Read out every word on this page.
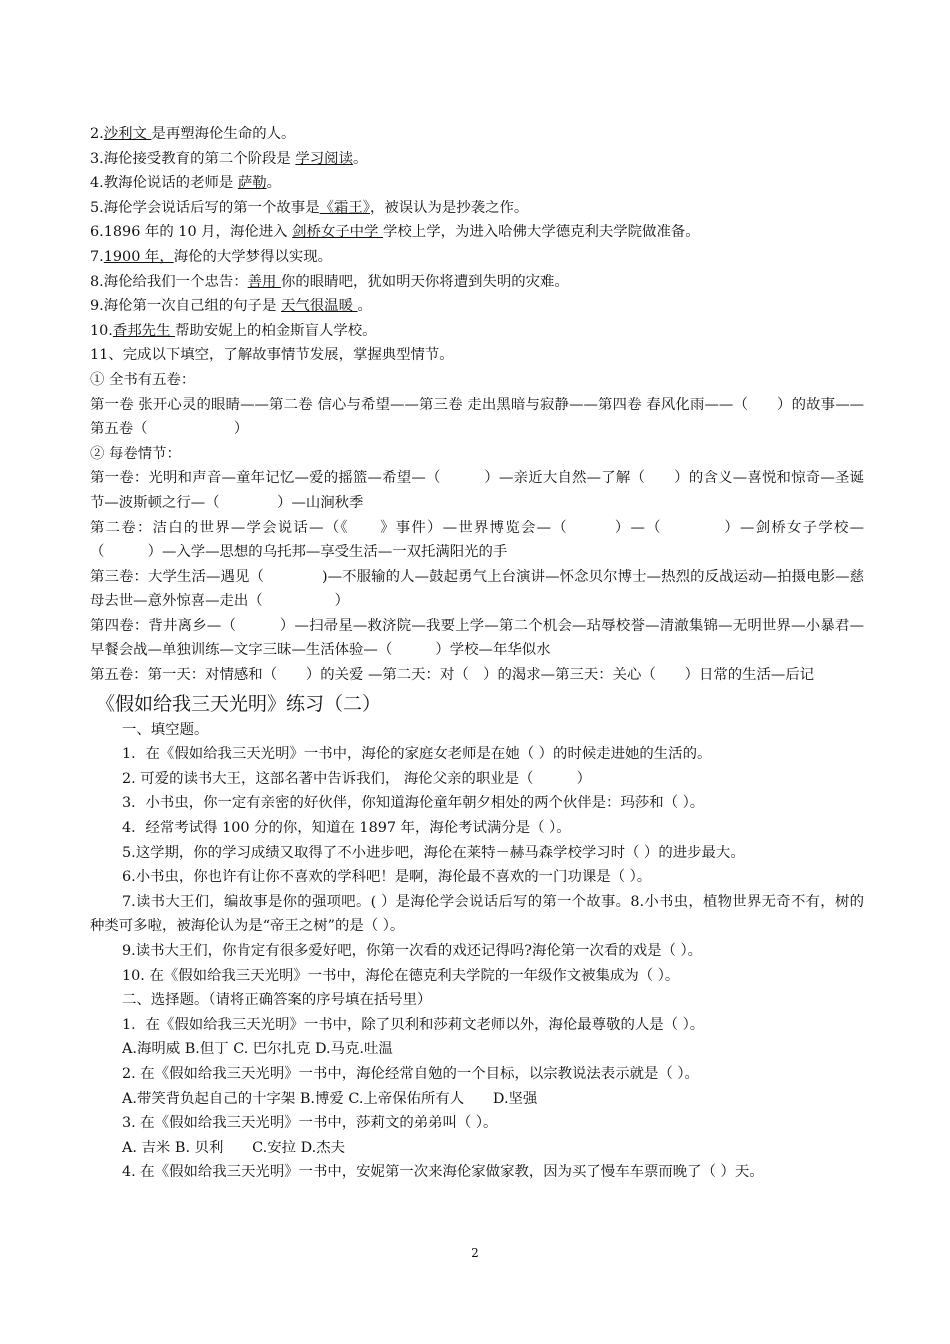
2.沙利文 是再塑海伦生命的人。
3.海伦接受教育的第二个阶段是 学习阅读。
4.教海伦说话的老师是 萨勒。
5.海伦学会说话后写的第一个故事是《霜王》，被误认为是抄袭之作。
6.1896 年的 10 月，海伦进入 剑桥女子中学 学校上学，为进入哈佛大学德克利夫学院做准备。
7.1900 年，海伦的大学梦得以实现。
8.海伦给我们一个忠告：善用 你的眼睛吧，犹如明天你将遭到失明的灾难。
9.海伦第一次自己组的句子是 天气很温暖 。
10.香邦先生 帮助安妮上的柏金斯盲人学校。
11、完成以下填空，了解故事情节发展，掌握典型情节。
① 全书有五卷：
第一卷 张开心灵的眼睛——第二卷 信心与希望——第三卷 走出黑暗与寂静——第四卷 春风化雨——（　　）的故事——第五卷（　　　　　　）
② 每卷情节：
第一卷：光明和声音—童年记忆—爱的摇篮—希望—（　　　）—亲近大自然—了解（　　）的含义—喜悦和惊奇—圣诞节—波斯顿之行—（　　　　）—山涧秋季
第二卷：洁白的世界—学会说话—（《　　》事件）—世界博览会—（　　　）—（　　　　）—剑桥女子学校—（　　　）—入学—思想的乌托邦—享受生活—一双托满阳光的手
第三卷：大学生活—遇见（　　　　)—不服输的人—鼓起勇气上台演讲—怀念贝尔博士—热烈的反战运动—拍摄电影—慈母去世—意外惊喜—走出（　　　　　）
第四卷：背井离乡—（　　　）—扫帚星—救济院—我要上学—第二个机会—玷辱校誉—清澈集锦—无明世界—小暴君—早餐会战—单独训练—文字三昧—生活体验—（　　　）学校—年华似水
第五卷：第一天：对情感和（　　）的关爱 —第二天：对（　）的渴求—第三天：关心（　　）日常的生活—后记
《假如给我三天光明》练习（二）
一、填空题。
1．在《假如给我三天光明》一书中，海伦的家庭女老师是在她（ ）的时候走进她的生活的。
2. 可爱的读书大王，这部名著中告诉我们， 海伦父亲的职业是（　　　）
3．小书虫，你一定有亲密的好伙伴，你知道海伦童年朝夕相处的两个伙伴是：玛莎和（ ）。
4．经常考试得 100 分的你，知道在 1897 年，海伦考试满分是（ ）。
5.这学期，你的学习成绩又取得了不小进步吧，海伦在莱特－赫马森学校学习时（ ）的进步最大。
6.小书虫，你也许有让你不喜欢的学科吧！是啊，海伦最不喜欢的一门功课是（ ）。
7.读书大王们，编故事是你的强项吧。( ）是海伦学会说话后写的第一个故事。8.小书虫，植物世界无奇不有，树的种类可多啦，被海伦认为是“帝王之树”的是（ ）。
9.读书大王们，你肯定有很多爱好吧，你第一次看的戏还记得吗?海伦第一次看的戏是（ ）。
10. 在《假如给我三天光明》一书中，海伦在德克利夫学院的一年级作文被集成为（ ）。
二、选择题。（请将正确答案的序号填在括号里）
1．在《假如给我三天光明》一书中，除了贝利和莎莉文老师以外，海伦最尊敬的人是（ ）。
A.海明威 B.但丁 C. 巴尔扎克 D.马克.吐温
2. 在《假如给我三天光明》一书中，海伦经常自勉的一个目标，以宗教说法表示就是（ ）。
A.带笑背负起自己的十字架 B.博爱 C.上帝保佑所有人　　D.坚强
3. 在《假如给我三天光明》一书中，莎莉文的弟弟叫（ ）。
A. 吉米 B. 贝利　　C.安拉 D.杰夫
4. 在《假如给我三天光明》一书中，安妮第一次来海伦家做家教，因为买了慢车车票而晚了（ ）天。
2
